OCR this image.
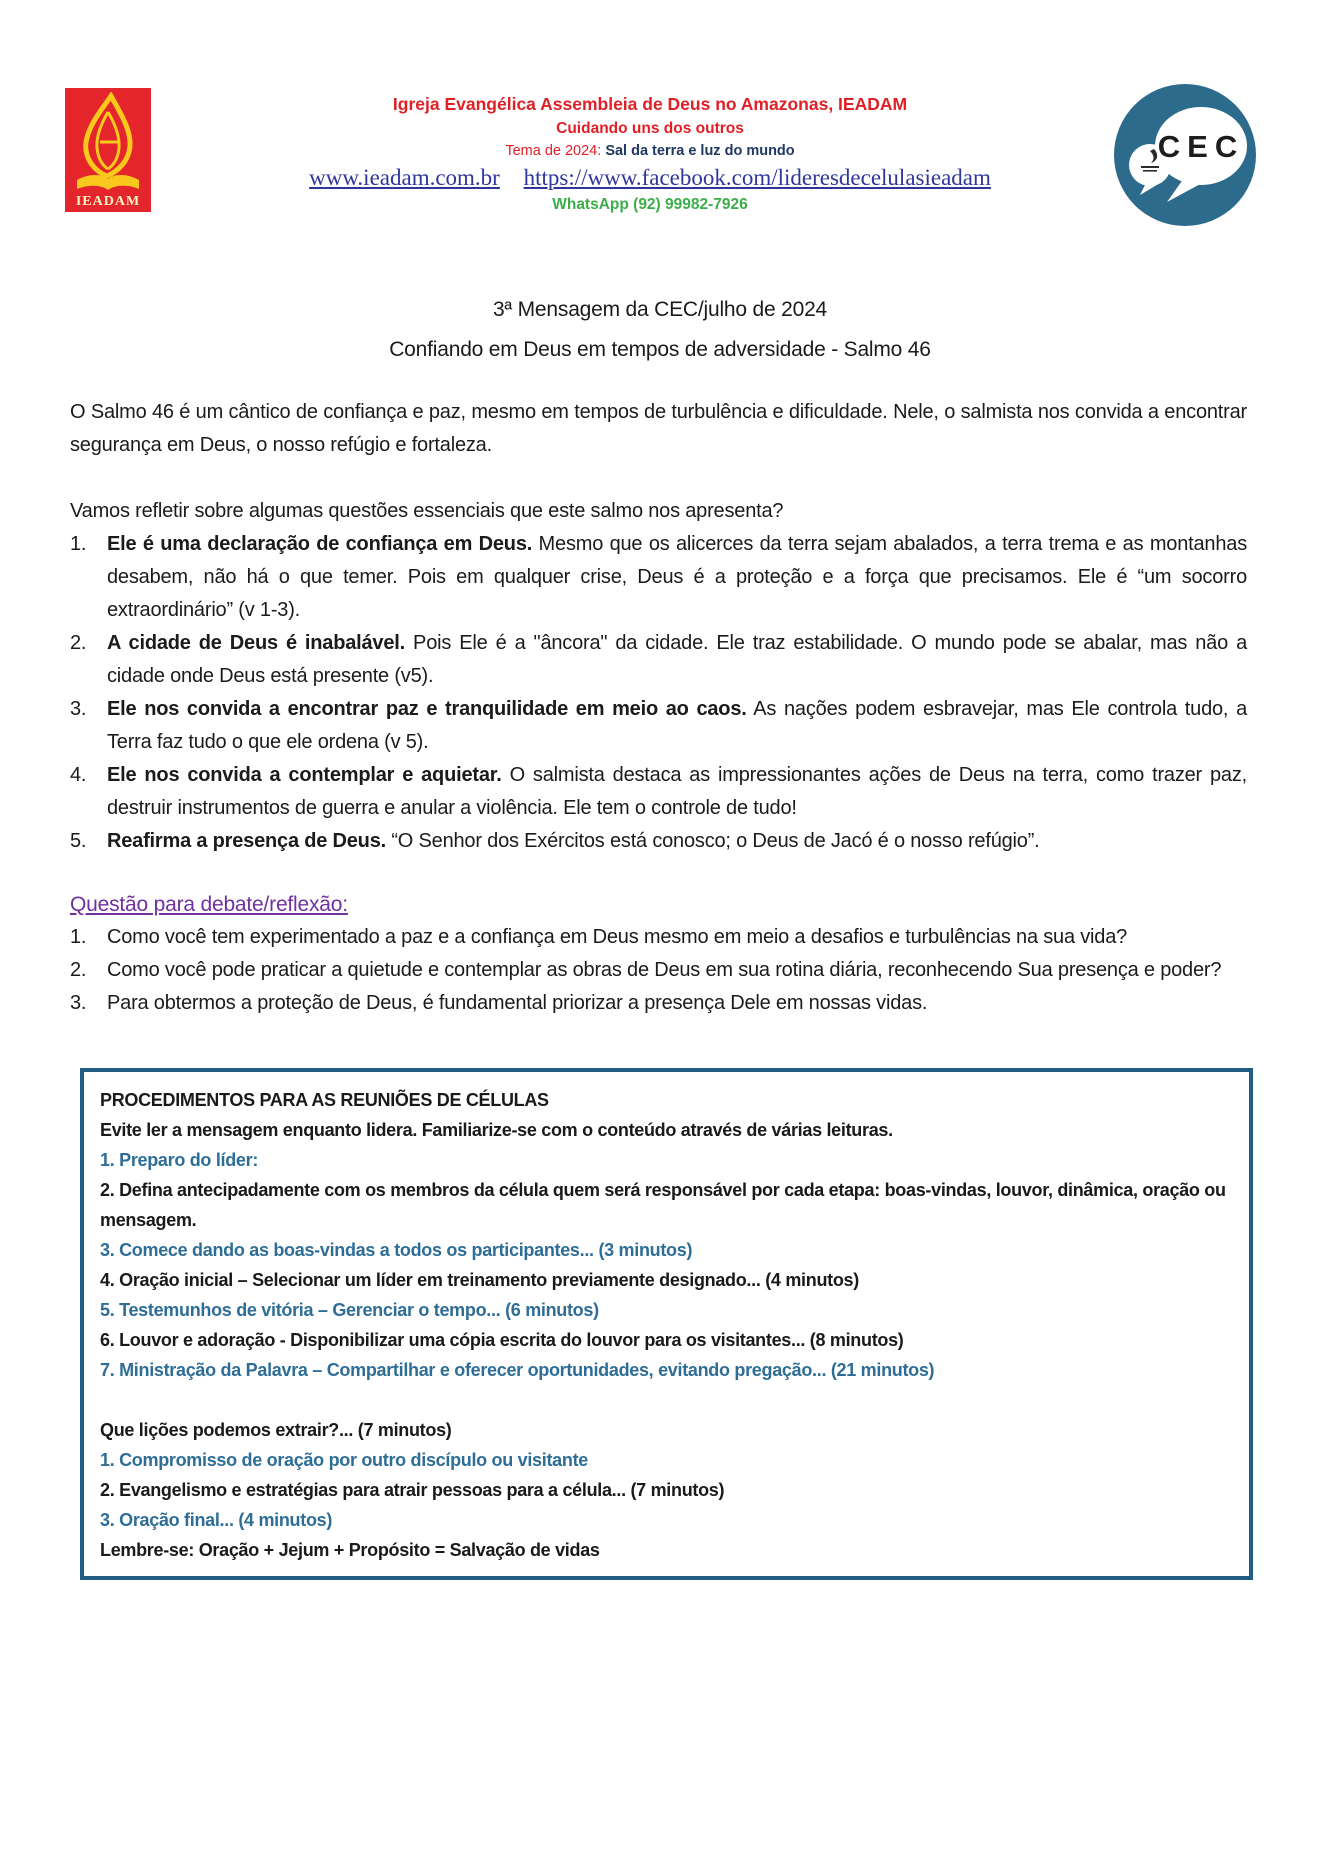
IEADAM
Igreja Evangélica Assembleia de Deus no Amazonas, IEADAM
Cuidando uns dos outros
Tema de 2024: Sal da terra e luz do mundo
www.ieadam.com.br https://www.facebook.com/lideresdecelulasieadam
WhatsApp (92) 99982-7926
CEC
3ª Mensagem da CEC/julho de 2024
Confiando em Deus em tempos de adversidade - Salmo 46

O Salmo 46 é um cântico de confiança e paz, mesmo em tempos de turbulência e dificuldade. Nele, o salmista nos convida a encontrar segurança em Deus, o nosso refúgio e fortaleza.

Vamos refletir sobre algumas questões essenciais que este salmo nos apresenta?

1.	Ele é uma declaração de confiança em Deus. Mesmo que os alicerces da terra sejam abalados, a terra trema e as montanhas desabem, não há o que temer. Pois em qualquer crise, Deus é a proteção e a força que precisamos. Ele é “um socorro extraordinário” (v 1-3).
2.	A cidade de Deus é inabalável. Pois Ele é a "âncora" da cidade. Ele traz estabilidade. O mundo pode se abalar, mas não a cidade onde Deus está presente (v5).
3.	Ele nos convida a encontrar paz e tranquilidade em meio ao caos. As nações podem esbravejar, mas Ele controla tudo, a Terra faz tudo o que ele ordena (v 5).
4.	Ele nos convida a contemplar e aquietar. O salmista destaca as impressionantes ações de Deus na terra, como trazer paz, destruir instrumentos de guerra e anular a violência. Ele tem o controle de tudo!
5.	Reafirma a presença de Deus. “O Senhor dos Exércitos está conosco; o Deus de Jacó é o nosso refúgio”.
Questão para debate/reflexão:
1.	Como você tem experimentado a paz e a confiança em Deus mesmo em meio a desafios e turbulências na sua vida?
2.	Como você pode praticar a quietude e contemplar as obras de Deus em sua rotina diária, reconhecendo Sua presença e poder?
3.	Para obtermos a proteção de Deus, é fundamental priorizar a presença Dele em nossas vidas.
PROCEDIMENTOS PARA AS REUNIÕES DE CÉLULAS
Evite ler a mensagem enquanto lidera. Familiarize-se com o conteúdo através de várias leituras.
1. Preparo do líder:
2. Defina antecipadamente com os membros da célula quem será responsável por cada etapa: boas-vindas, louvor, dinâmica, oração ou mensagem.
3. Comece dando as boas-vindas a todos os participantes... (3 minutos)
4. Oração inicial – Selecionar um líder em treinamento previamente designado... (4 minutos)
5. Testemunhos de vitória – Gerenciar o tempo... (6 minutos)
6. Louvor e adoração - Disponibilizar uma cópia escrita do louvor para os visitantes... (8 minutos)
7. Ministração da Palavra – Compartilhar e oferecer oportunidades, evitando pregação... (21 minutos)
Que lições podemos extrair?... (7 minutos)
1. Compromisso de oração por outro discípulo ou visitante
2. Evangelismo e estratégias para atrair pessoas para a célula... (7 minutos)
3. Oração final... (4 minutos)
Lembre-se: Oração + Jejum + Propósito = Salvação de vidas
